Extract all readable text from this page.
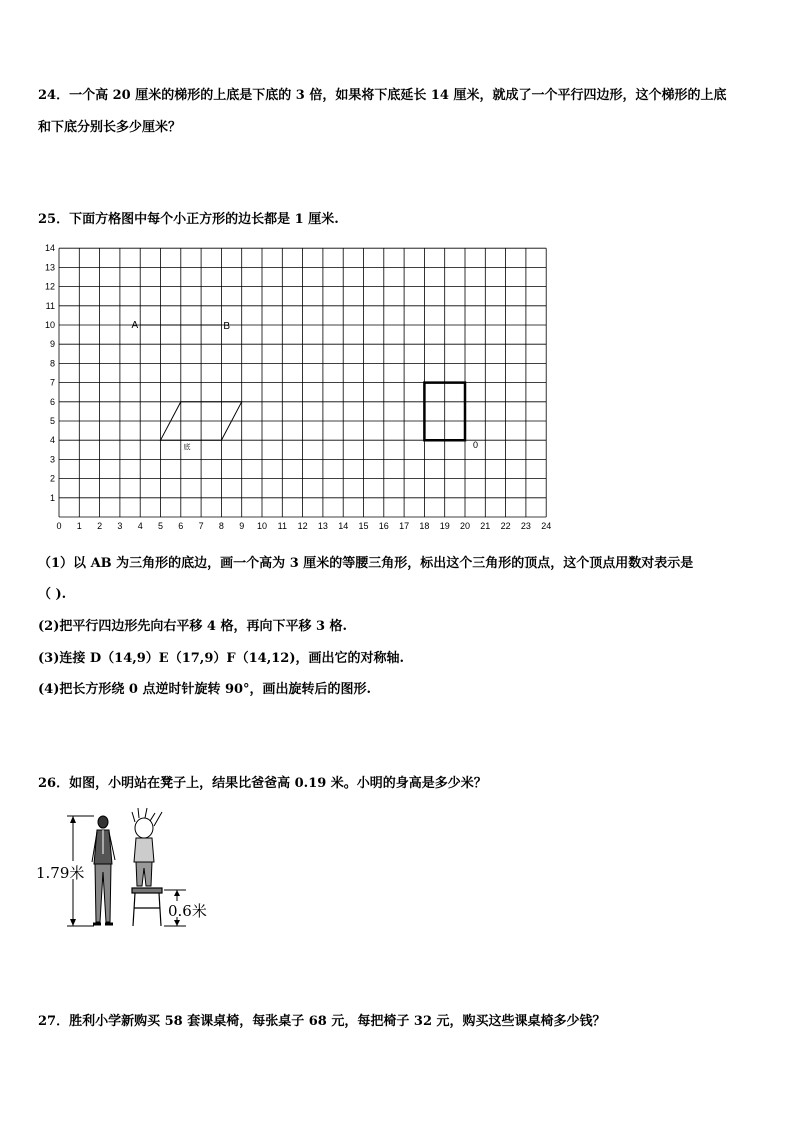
24．一个高 20 厘米的梯形的上底是下底的 3 倍，如果将下底延长 14 厘米，就成了一个平行四边形，这个梯形的上底
和下底分别长多少厘米？
25．下面方格图中每个小正方形的边长都是 1 厘米.
0 1 2 3 4 5 6 7 8 9 10 11 12 13 14 15 16 17 18 19 20 21 22 23 24
1
2
3
4
5
6
7
8
9
10
11
12
13
14
A	B
底	0
（1）以 AB 为三角形的底边，画一个高为 3 厘米的等腰三角形，标出这个三角形的顶点，这个顶点用数对表示是
（ ).
(2)把平行四边形先向右平移 4 格，再向下平移 3 格.
(3)连接 D（14,9）E（17,9）F（14,12)，画出它的对称轴.
(4)把长方形绕 0 点逆时针旋转 90°，画出旋转后的图形.
26．如图，小明站在凳子上，结果比爸爸高 0.19 米。小明的身高是多少米？
1.79米
0.6米
27．胜利小学新购买 58 套课桌椅，每张桌子 68 元，每把椅子 32 元，购买这些课桌椅多少钱？
